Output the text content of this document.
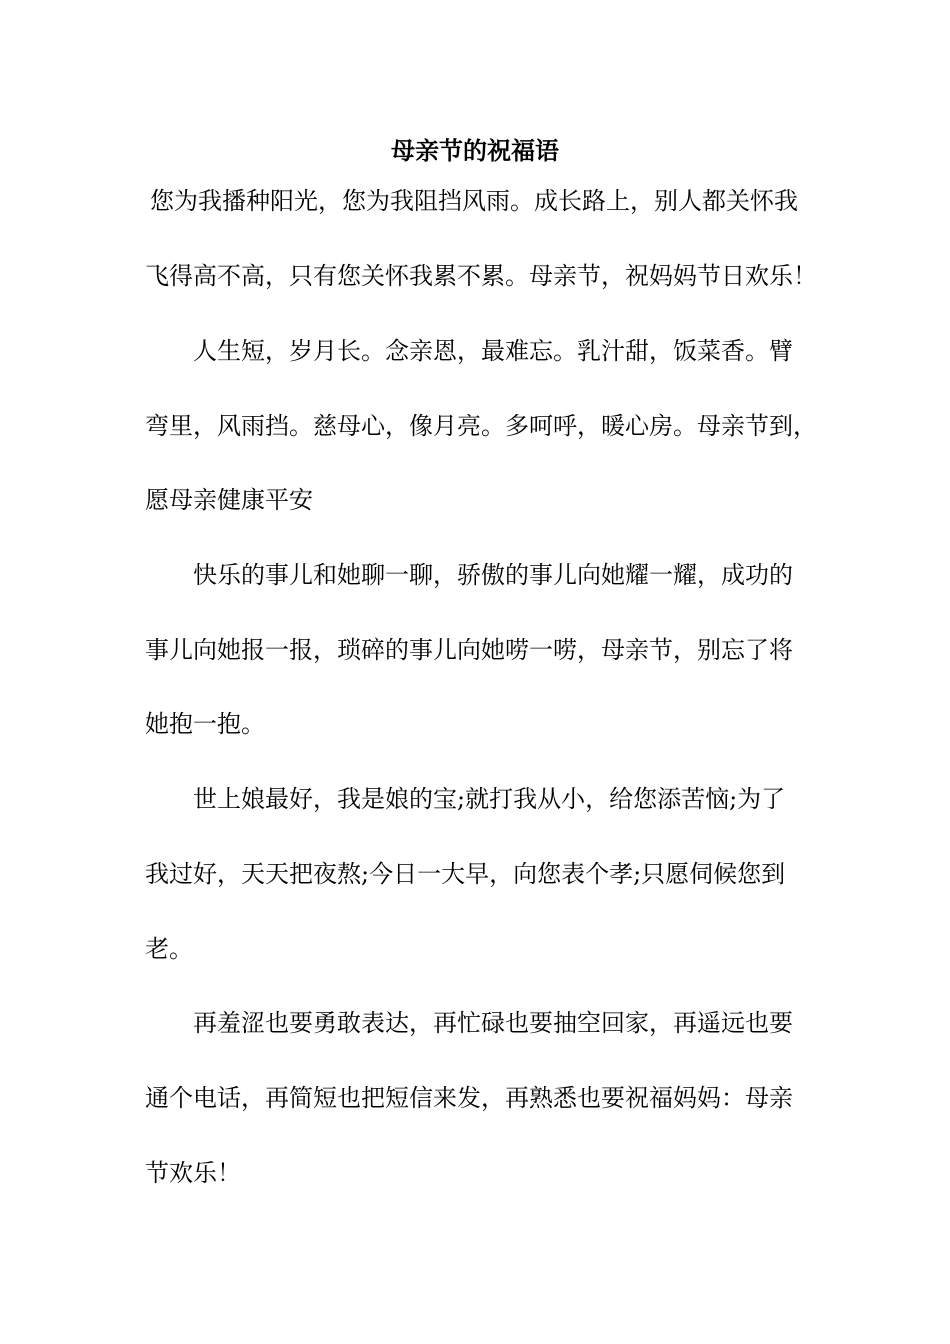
母亲节的祝福语
您为我播种阳光，您为我阻挡风雨。成长路上，别人都关怀我
飞得高不高，只有您关怀我累不累。母亲节，祝妈妈节日欢乐！
人生短，岁月长。念亲恩，最难忘。乳汁甜，饭菜香。臂
弯里，风雨挡。慈母心，像月亮。多呵呼，暖心房。母亲节到，
愿母亲健康平安
快乐的事儿和她聊一聊，骄傲的事儿向她耀一耀，成功的
事儿向她报一报，琐碎的事儿向她唠一唠，母亲节，别忘了将
她抱一抱。
世上娘最好，我是娘的宝;就打我从小，给您添苦恼;为了
我过好，天天把夜熬;今日一大早，向您表个孝;只愿伺候您到
老。
再羞涩也要勇敢表达，再忙碌也要抽空回家，再遥远也要
通个电话，再简短也把短信来发，再熟悉也要祝福妈妈：母亲
节欢乐！
